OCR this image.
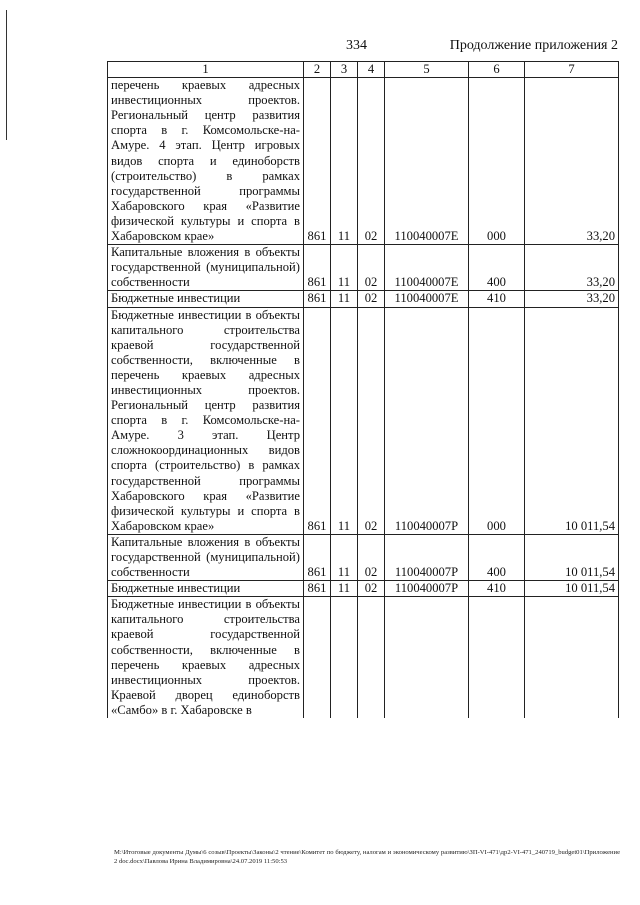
334	Продолжение приложения 2
1	2	3	4	5	6	7
перечень краевых адресных инвестиционных проектов. Региональный центр развития спорта в г. Комсомольске-на-Амуре. 4 этап. Центр игровых видов спорта и единоборств (строительство) в рамках государственной программы Хабаровского края «Развитие физической культуры и спорта в Хабаровском крае»	861	11	02	110040007Е	000	33,20
Капитальные вложения в объекты государственной (муниципальной) собственности	861	11	02	110040007Е	400	33,20
Бюджетные инвестиции	861	11	02	110040007Е	410	33,20
Бюджетные инвестиции в объекты капитального строительства краевой государственной собственности, включенные в перечень краевых адресных инвестиционных проектов. Региональный центр развития спорта в г. Комсомольске-на-Амуре. 3 этап. Центр сложнокоординационных видов спорта (строительство) в рамках государственной программы Хабаровского края «Развитие физической культуры и спорта в Хабаровском крае»	861	11	02	110040007Р	000	10 011,54
Капитальные вложения в объекты государственной (муниципальной) собственности	861	11	02	110040007Р	400	10 011,54
Бюджетные инвестиции	861	11	02	110040007Р	410	10 011,54
Бюджетные инвестиции в объекты капитального строительства краевой государственной собственности, включенные в перечень краевых адресных инвестиционных проектов. Краевой дворец единоборств «Самбо» в г. Хабаровске в						
M:\Итоговые документы Думы\6 созыв\Проекты\Законы\2 чтение\Комитет по бюджету, налогам и экономическому развитию\ЗП-VI-471\др2-VI-471_240719_budget01\Приложение 2 doc.docx\Павлова Ирина Владимировна\24.07.2019 11:50:53
